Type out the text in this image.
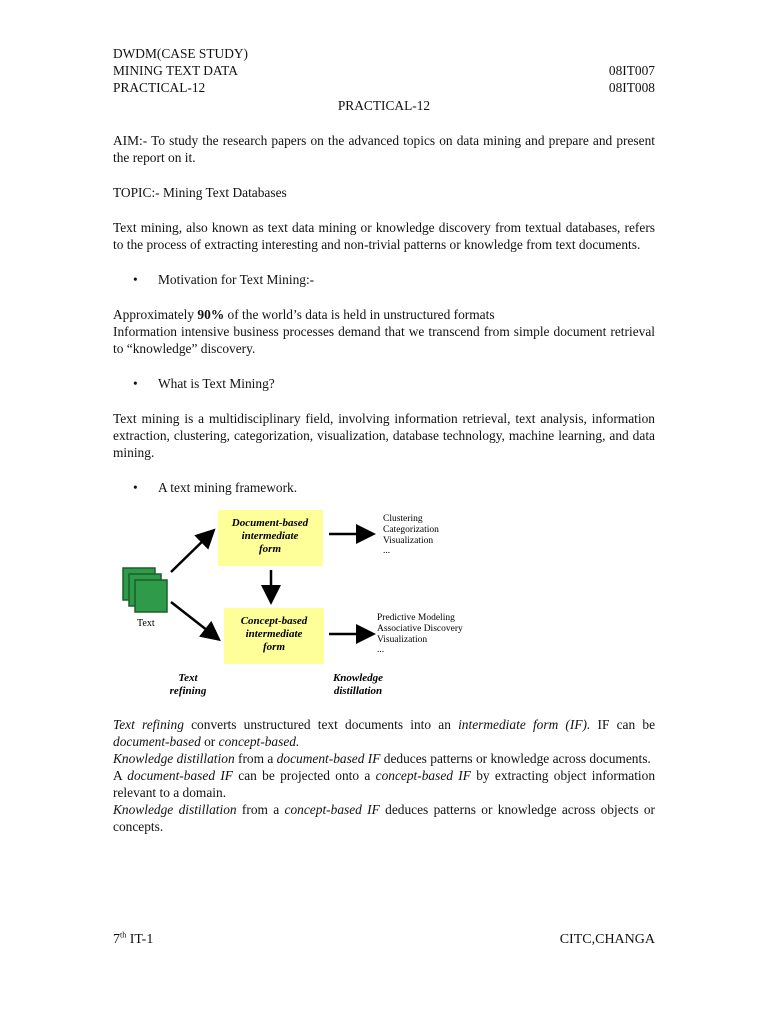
DWDM(CASE STUDY)
MINING TEXT DATA	08IT007
PRACTICAL-12	08IT008
PRACTICAL-12

AIM:- To study the research papers on the advanced topics on data mining and prepare and present the report on it.

TOPIC:- Mining Text Databases

Text mining, also known as text data mining or knowledge discovery from textual databases, refers to the process of extracting interesting and non-trivial patterns or knowledge from text documents.

• Motivation for Text Mining:-

Approximately 90% of the world’s data is held in unstructured formats

Information intensive business processes demand that we transcend from simple document retrieval to “knowledge” discovery.

• What is Text Mining?

Text mining is a multidisciplinary field, involving information retrieval, text analysis, information extraction, clustering, categorization, visualization, database technology, machine learning, and data mining.

• A text mining framework.

Text
Document-based
intermediate
form
Concept-based
intermediate
form
Clustering
Categorization
Visualization
...
Predictive Modeling
Associative Discovery
Visualization
...
Text
refining
Knowledge
distillation

Text refining converts unstructured text documents into an intermediate form (IF). IF can be document-based or concept-based.

Knowledge distillation from a document-based IF deduces patterns or knowledge across documents.

A document-based IF can be projected onto a concept-based IF by extracting object information relevant to a domain.

Knowledge distillation from a concept-based IF deduces patterns or knowledge across objects or concepts.

7th IT-1	CITC,CHANGA
